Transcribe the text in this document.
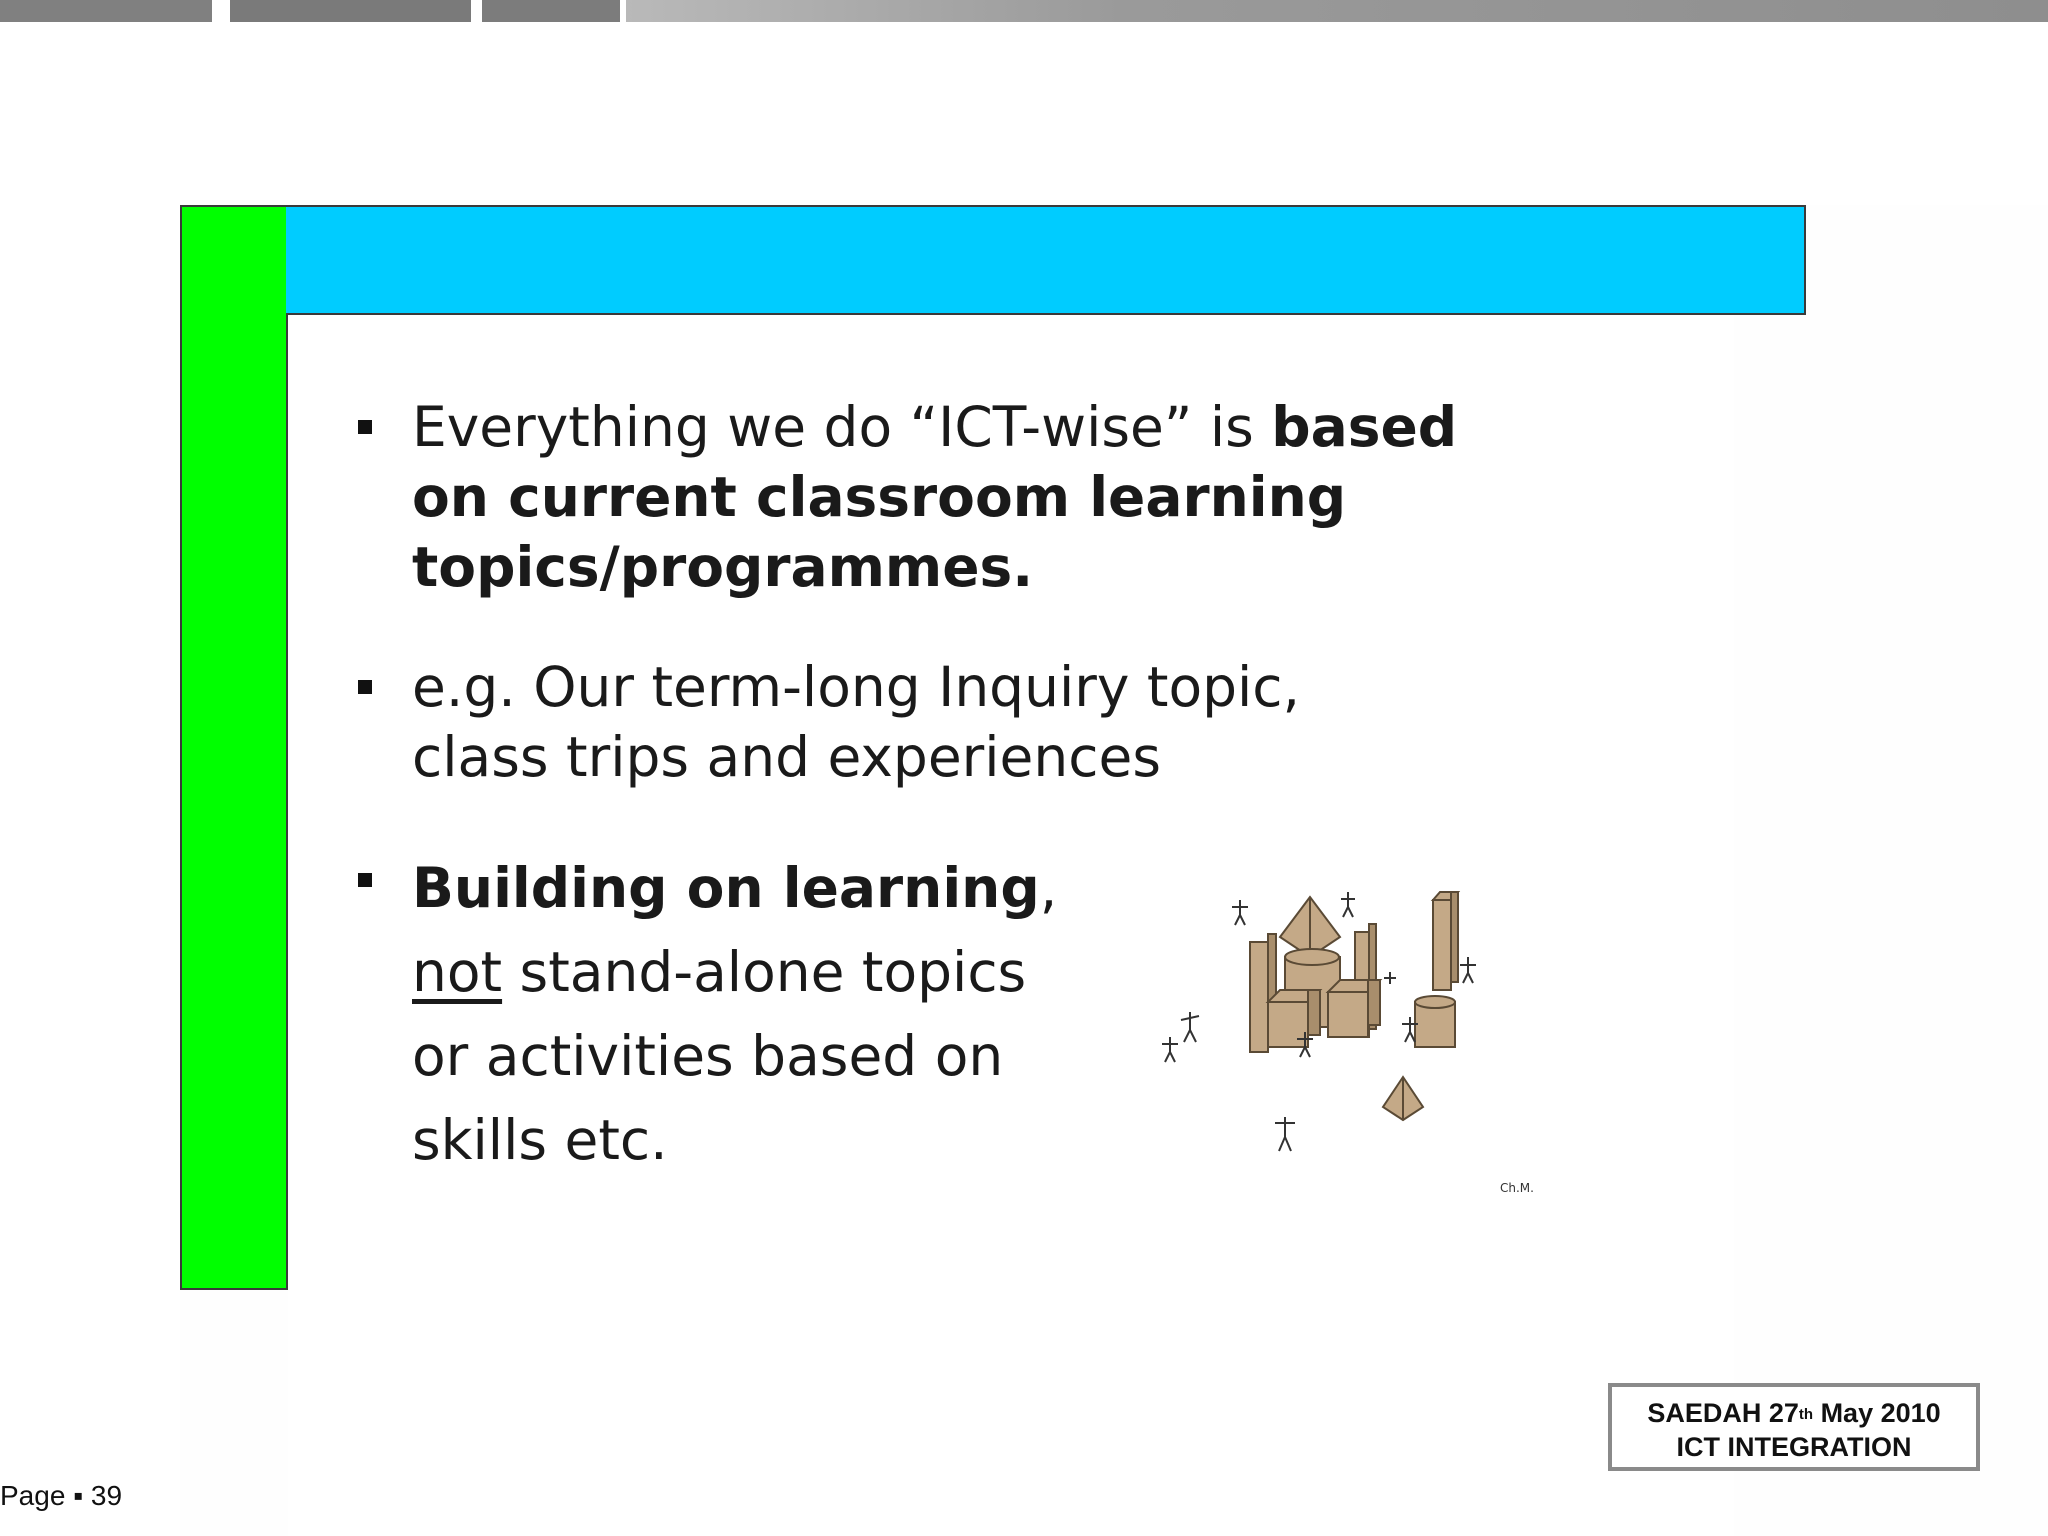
Everything we do “ICT-wise” is based
on current classroom learning
topics/programmes.
e.g. Our term-long Inquiry topic,
class trips and experiences
Building on learning,
not stand-alone topics
or activities based on
skills etc.
Ch.M.
Page ▪ 39
SAEDAH 27th May 2010
ICT INTEGRATION
